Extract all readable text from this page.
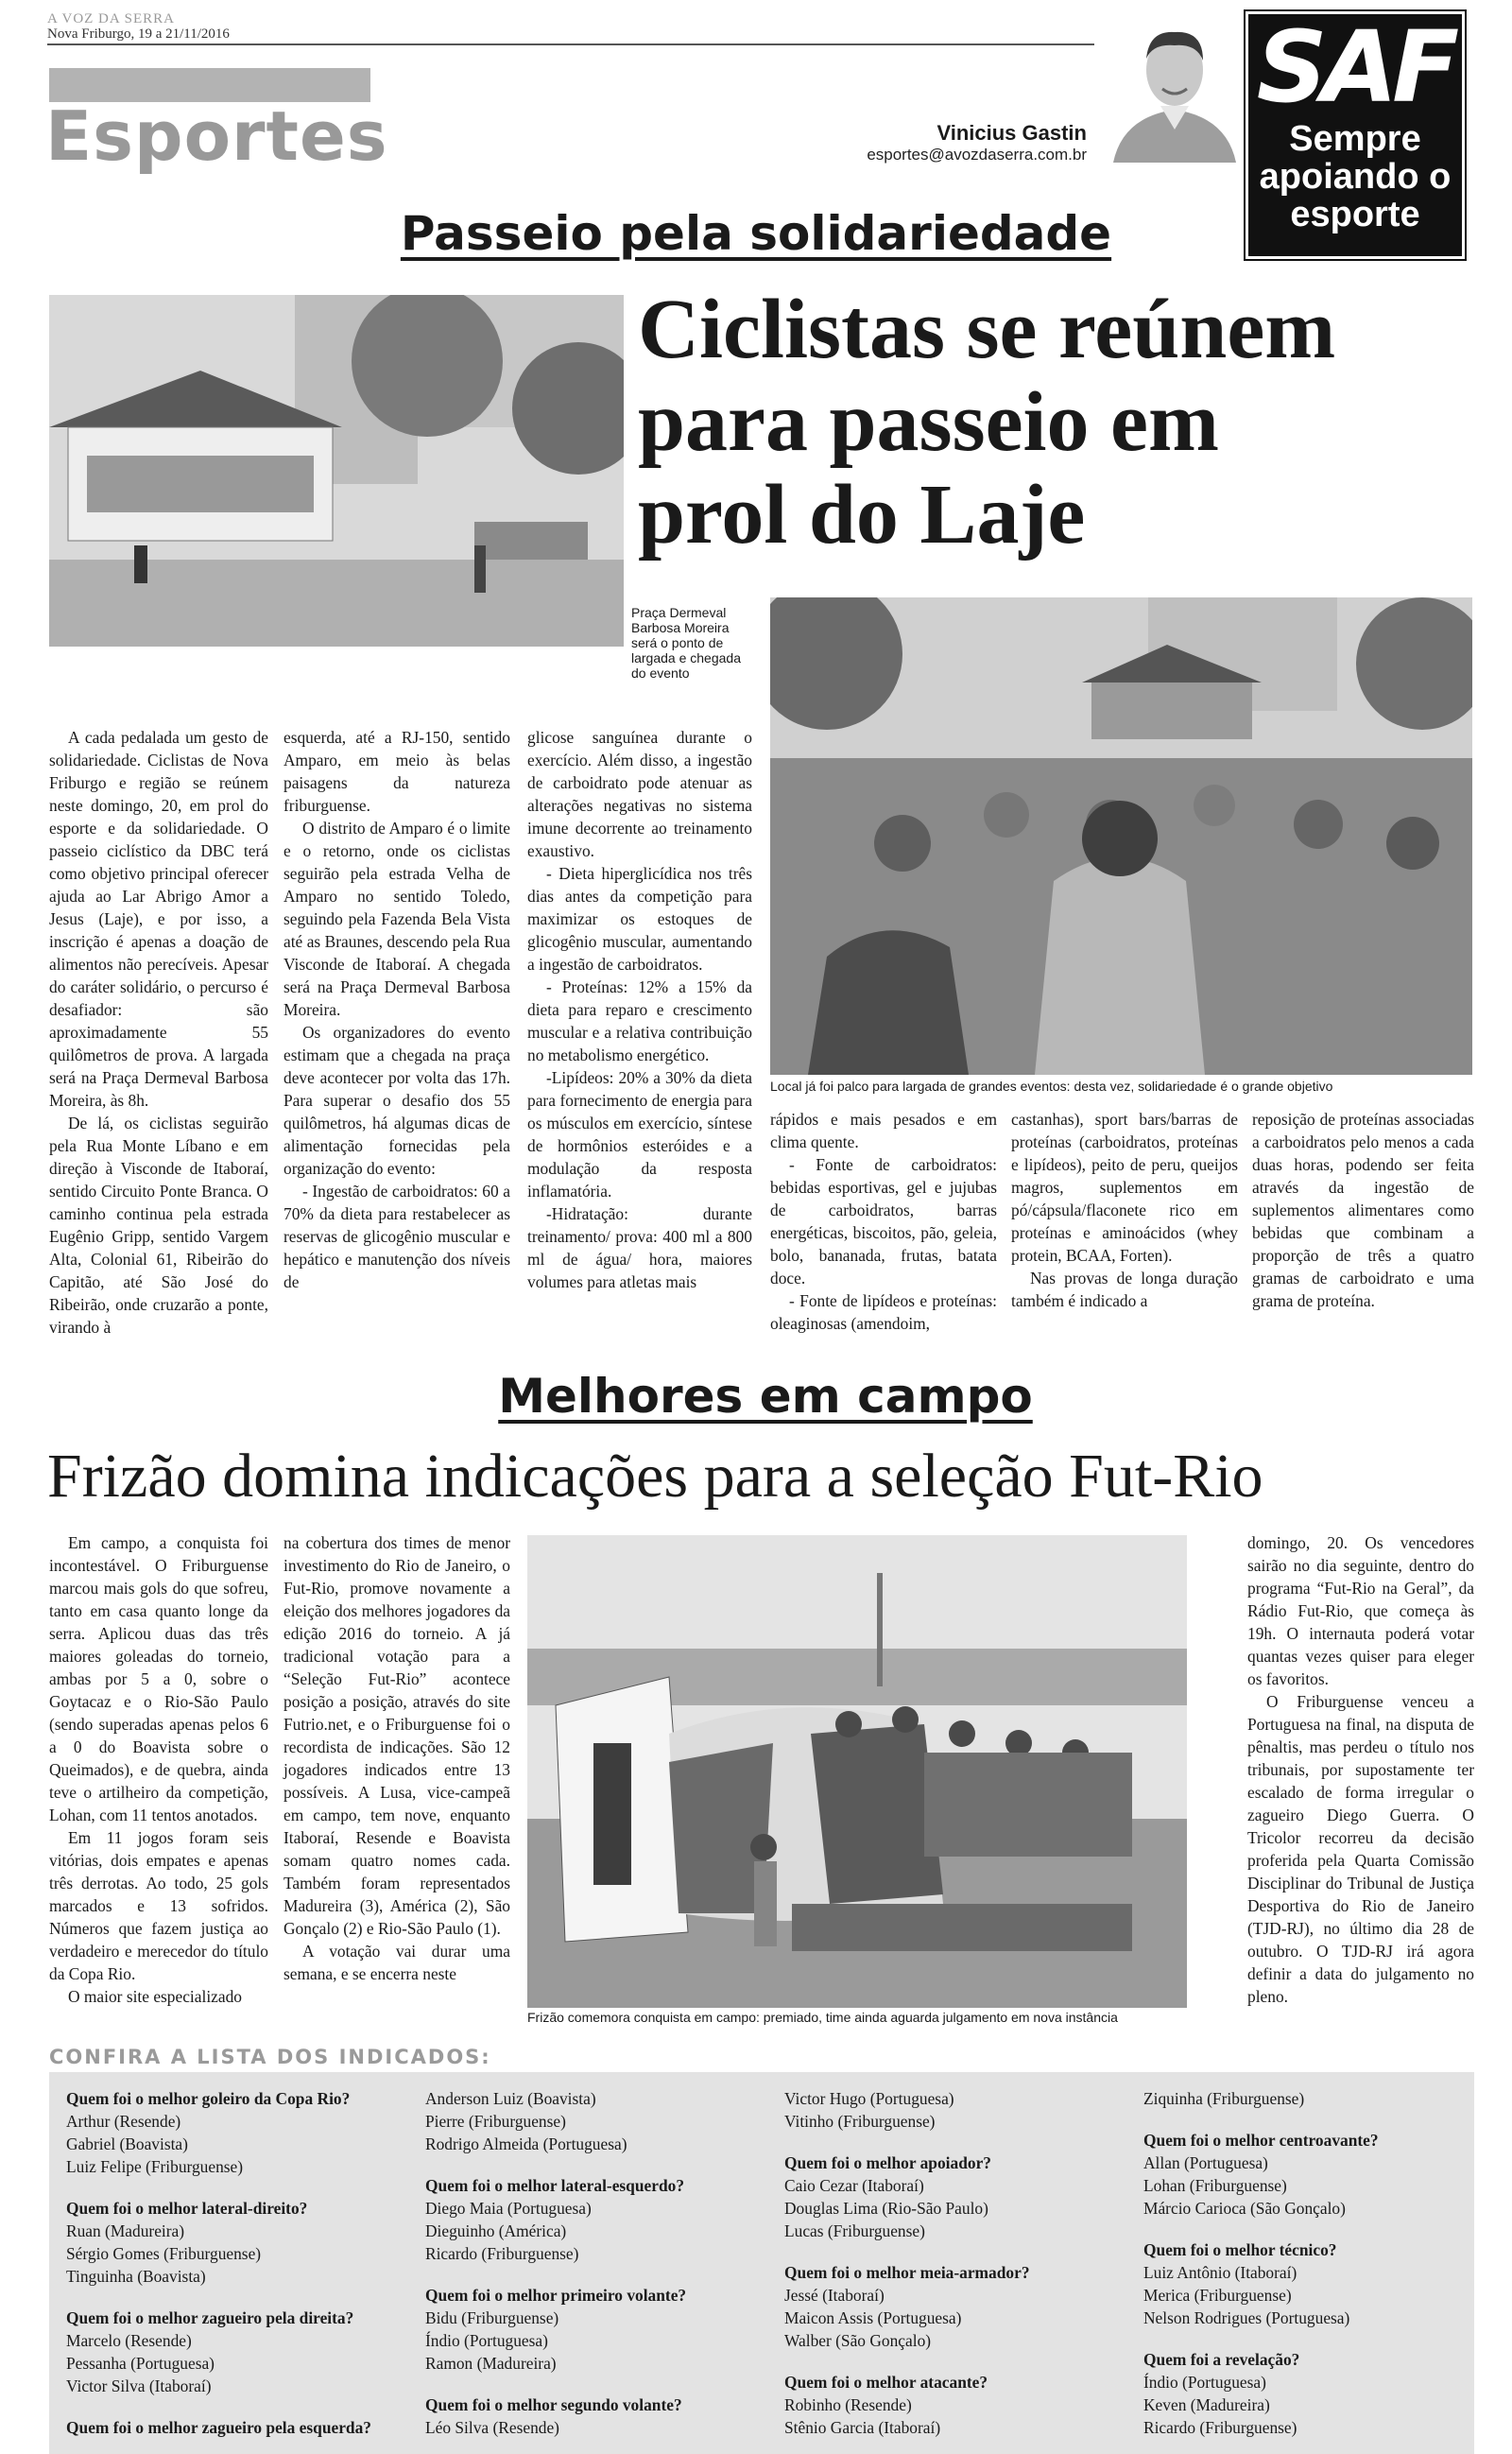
A VOZ DA SERRA
Nova Friburgo, 19 a 21/11/2016
Esportes	Vinicius Gastin
esportes@avozdaserra.com.br
SAF
Sempre
apoiando o
esporte
Passeio pela solidariedade
Ciclistas se reúnem
para passeio em
prol do Laje
Praça Dermeval Barbosa Moreira será o ponto de largada e chegada do evento
Local já foi palco para largada de grandes eventos: desta vez, solidariedade é o grande objetivo

A cada pedalada um gesto de solidariedade. Ciclistas de Nova Friburgo e região se reúnem neste domingo, 20, em prol do esporte e da solidariedade. O passeio ciclístico da DBC terá como objetivo principal oferecer ajuda ao Lar Abrigo Amor a Jesus (Laje), e por isso, a inscrição é apenas a doação de alimentos não perecíveis. Apesar do caráter solidário, o percurso é desafiador: são aproximadamente 55 quilômetros de prova. A largada será na Praça Dermeval Barbosa Moreira, às 8h.

De lá, os ciclistas seguirão pela Rua Monte Líbano e em direção à Visconde de Itaboraí, sentido Circuito Ponte Branca. O caminho continua pela estrada Eugênio Gripp, sentido Vargem Alta, Colonial 61, Ribeirão do Capitão, até São José do Ribeirão, onde cruzarão a ponte, virando à

esquerda, até a RJ-150, sentido Amparo, em meio às belas paisagens da natureza friburguense.

O distrito de Amparo é o limite e o retorno, onde os ciclistas seguirão pela estrada Velha de Amparo no sentido Toledo, seguindo pela Fazenda Bela Vista até as Braunes, descendo pela Rua Visconde de Itaboraí. A chegada será na Praça Dermeval Barbosa Moreira.

Os organizadores do evento estimam que a chegada na praça deve acontecer por volta das 17h. Para superar o desafio dos 55 quilômetros, há algumas dicas de alimentação fornecidas pela organização do evento:

- Ingestão de carboidratos: 60 a 70% da dieta para restabelecer as reservas de glicogênio muscular e hepático e manutenção dos níveis de

glicose sanguínea durante o exercício. Além disso, a ingestão de carboidrato pode atenuar as alterações negativas no sistema imune decorrente ao treinamento exaustivo.

- Dieta hiperglicídica nos três dias antes da competição para maximizar os estoques de glicogênio muscular, aumentando a ingestão de carboidratos.

- Proteínas: 12% a 15% da dieta para reparo e crescimento muscular e a relativa contribuição no metabolismo energético.

-Lipídeos: 20% a 30% da dieta para fornecimento de energia para os músculos em exercício, síntese de hormônios esteróides e a modulação da resposta inflamatória.

-Hidratação: durante treinamento/ prova: 400 ml a 800 ml de água/ hora, maiores volumes para atletas mais

rápidos e mais pesados e em clima quente.

- Fonte de carboidratos: bebidas esportivas, gel e jujubas de carboidratos, barras energéticas, biscoitos, pão, geleia, bolo, bananada, frutas, batata doce.

- Fonte de lipídeos e proteínas: oleaginosas (amendoim,

castanhas), sport bars/barras de proteínas (carboidratos, proteínas e lipídeos), peito de peru, queijos magros, suplementos em pó/cápsula/flaconete rico em proteínas e aminoácidos (whey protein, BCAA, Forten).

Nas provas de longa duração também é indicado a

reposição de proteínas associadas a carboidratos pelo menos a cada duas horas, podendo ser feita através da ingestão de suplementos alimentares como bebidas que combinam a proporção de três a quatro gramas de carboidrato e uma grama de proteína.

Melhores em campo
Frizão domina indicações para a seleção Fut-Rio

Em campo, a conquista foi incontestável. O Friburguense marcou mais gols do que sofreu, tanto em casa quanto longe da serra. Aplicou duas das três maiores goleadas do torneio, ambas por 5 a 0, sobre o Goytacaz e o Rio-São Paulo (sendo superadas apenas pelos 6 a 0 do Boavista sobre o Queimados), e de quebra, ainda teve o artilheiro da competição, Lohan, com 11 tentos anotados.

Em 11 jogos foram seis vitórias, dois empates e apenas três derrotas. Ao todo, 25 gols marcados e 13 sofridos. Números que fazem justiça ao verdadeiro e merecedor do título da Copa Rio.

O maior site especializado

na cobertura dos times de menor investimento do Rio de Janeiro, o Fut-Rio, promove novamente a eleição dos melhores jogadores da edição 2016 do torneio. A já tradicional votação para a “Seleção Fut-Rio” acontece posição a posição, através do site Futrio.net, e o Friburguense foi o recordista de indicações. São 12 jogadores indicados entre 13 possíveis. A Lusa, vice-campeã em campo, tem nove, enquanto Itaboraí, Resende e Boavista somam quatro nomes cada. Também foram representados Madureira (3), América (2), São Gonçalo (2) e Rio-São Paulo (1).

A votação vai durar uma semana, e se encerra neste

Frizão comemora conquista em campo: premiado, time ainda aguarda julgamento em nova instância

domingo, 20. Os vencedores sairão no dia seguinte, dentro do programa “Fut-Rio na Geral”, da Rádio Fut-Rio, que começa às 19h. O internauta poderá votar quantas vezes quiser para eleger os favoritos.

O Friburguense venceu a Portuguesa na final, na disputa de pênaltis, mas perdeu o título nos tribunais, por supostamente ter escalado de forma irregular o zagueiro Diego Guerra. O Tricolor recorreu da decisão proferida pela Quarta Comissão Disciplinar do Tribunal de Justiça Desportiva do Rio de Janeiro (TJD-RJ), no último dia 28 de outubro. O TJD-RJ irá agora definir a data do julgamento no pleno.

CONFIRA A LISTA DOS INDICADOS:
Quem foi o melhor goleiro da Copa Rio?
Arthur (Resende)
Gabriel (Boavista)
Luiz Felipe (Friburguense)
Quem foi o melhor lateral-direito?
Ruan (Madureira)
Sérgio Gomes (Friburguense)
Tinguinha (Boavista)
Quem foi o melhor zagueiro pela direita?
Marcelo (Resende)
Pessanha (Portuguesa)
Victor Silva (Itaboraí)
Quem foi o melhor zagueiro pela esquerda?
Anderson Luiz (Boavista)
Pierre (Friburguense)
Rodrigo Almeida (Portuguesa)
Quem foi o melhor lateral-esquerdo?
Diego Maia (Portuguesa)
Dieguinho (América)
Ricardo (Friburguense)
Quem foi o melhor primeiro volante?
Bidu (Friburguense)
Índio (Portuguesa)
Ramon (Madureira)
Quem foi o melhor segundo volante?
Léo Silva (Resende)
Victor Hugo (Portuguesa)
Vitinho (Friburguense)
Quem foi o melhor apoiador?
Caio Cezar (Itaboraí)
Douglas Lima (Rio-São Paulo)
Lucas (Friburguense)
Quem foi o melhor meia-armador?
Jessé (Itaboraí)
Maicon Assis (Portuguesa)
Walber (São Gonçalo)
Quem foi o melhor atacante?
Robinho (Resende)
Stênio Garcia (Itaboraí)
Ziquinha (Friburguense)
Quem foi o melhor centroavante?
Allan (Portuguesa)
Lohan (Friburguense)
Márcio Carioca (São Gonçalo)
Quem foi o melhor técnico?
Luiz Antônio (Itaboraí)
Merica (Friburguense)
Nelson Rodrigues (Portuguesa)
Quem foi a revelação?
Índio (Portuguesa)
Keven (Madureira)
Ricardo (Friburguense)
